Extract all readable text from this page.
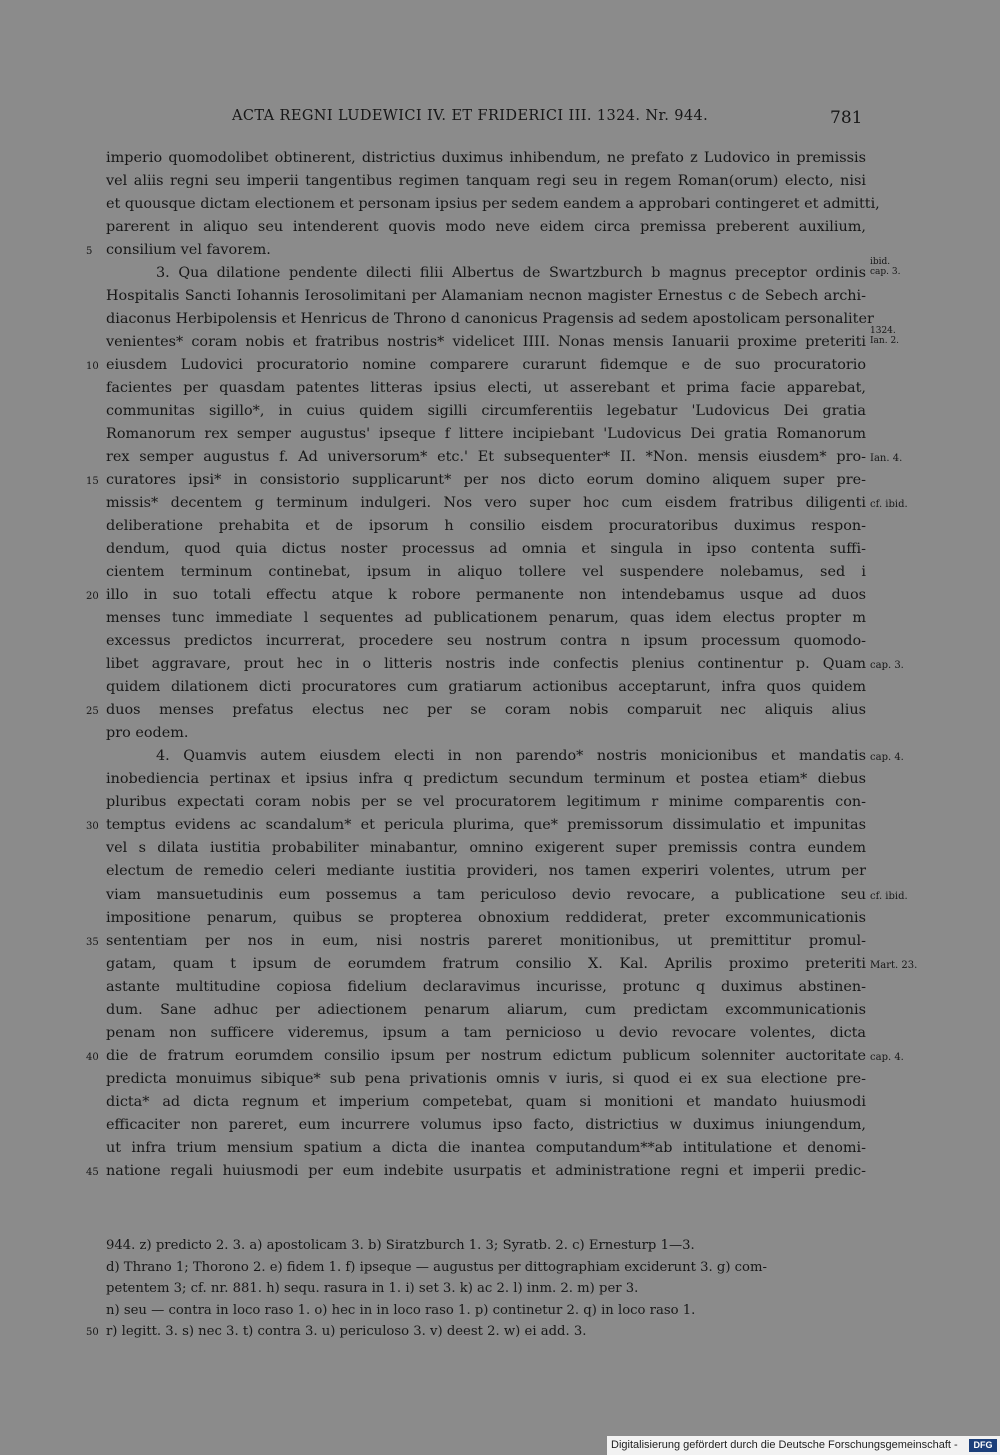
ACTA REGNI LUDEWICI IV. ET FRIDERICI III. 1324. Nr. 944.	781
imperio quomodolibet obtinerent, districtius duximus inhibendum, ne prefato z Ludovico in premissis
vel aliis regni seu imperii tangentibus regimen tanquam regi seu in regem Roman(orum) electo, nisi
et quousque dictam electionem et personam ipsius per sedem eandem a approbari contingeret et admitti,
parerent in aliquo seu intenderent quovis modo neve eidem circa premissa preberent auxilium,
5 consilium vel favorem.
3. Qua dilatione pendente dilecti filii Albertus de Swartzburch b magnus preceptor ordinis
ibid.
cap. 3.
Hospitalis Sancti Iohannis Ierosolimitani per Alamaniam necnon magister Ernestus c de Sebech archi-
diaconus Herbipolensis et Henricus de Throno d canonicus Pragensis ad sedem apostolicam personaliter
venientes* coram nobis et fratribus nostris* videlicet IIII. Nonas mensis Ianuarii proxime preteriti
1324.
Ian. 2.
10 eiusdem Ludovici procuratorio nomine comparere curarunt fidemque e de suo procuratorio
facientes per quasdam patentes litteras ipsius electi, ut asserebant et prima facie apparebat,
communitas sigillo*, in cuius quidem sigilli circumferentiis legebatur 'Ludovicus Dei gratia
Romanorum rex semper augustus' ipseque f littere incipiebant 'Ludovicus Dei gratia Romanorum
rex semper augustus f. Ad universorum* etc.' Et subsequenter* II. *Non. mensis eiusdem* pro- Ian. 4.
15 curatores ipsi* in consistorio supplicarunt* per nos dicto eorum domino aliquem super pre-
missis* decentem g terminum indulgeri. Nos vero super hoc cum eisdem fratribus diligenti cf. ibid.
deliberatione prehabita et de ipsorum h consilio eisdem procuratoribus duximus respon-
dendum, quod quia dictus noster processus ad omnia et singula in ipso contenta suffi-
cientem terminum continebat, ipsum in aliquo tollere vel suspendere nolebamus, sed i
20 illo in suo totali effectu atque k robore permanente non intendebamus usque ad duos
menses tunc immediate l sequentes ad publicationem penarum, quas idem electus propter m
excessus predictos incurrerat, procedere seu nostrum contra n ipsum processum quomodo-
libet aggravare, prout hec in o litteris nostris inde confectis plenius continentur p. Quam cap. 3.
quidem dilationem dicti procuratores cum gratiarum actionibus acceptarunt, infra quos quidem
25 duos menses prefatus electus nec per se coram nobis comparuit nec aliquis alius
pro eodem.
4. Quamvis autem eiusdem electi in non parendo* nostris monicionibus et mandatis cap. 4.
inobediencia pertinax et ipsius infra q predictum secundum terminum et postea etiam* diebus
pluribus expectati coram nobis per se vel procuratorem legitimum r minime comparentis con-
30 temptus evidens ac scandalum* et pericula plurima, que* premissorum dissimulatio et impunitas
vel s dilata iustitia probabiliter minabantur, omnino exigerent super premissis contra eundem
electum de remedio celeri mediante iustitia provideri, nos tamen experiri volentes, utrum per
viam mansuetudinis eum possemus a tam periculoso devio revocare, a publicatione seu cf. ibid.
impositione penarum, quibus se propterea obnoxium reddiderat, preter excommunicationis
35 sententiam per nos in eum, nisi nostris pareret monitionibus, ut premittitur promul-
gatam, quam t ipsum de eorumdem fratrum consilio X. Kal. Aprilis proximo preteriti Mart. 23.
astante multitudine copiosa fidelium declaravimus incurisse, protunc q duximus abstinen-
dum. Sane adhuc per adiectionem penarum aliarum, cum predictam excommunicationis
penam non sufficere videremus, ipsum a tam pernicioso u devio revocare volentes, dicta
40 die de fratrum eorumdem consilio ipsum per nostrum edictum publicum solenniter auctoritate cap. 4.
predicta monuimus sibique* sub pena privationis omnis v iuris, si quod ei ex sua electione pre-
dicta* ad dicta regnum et imperium competebat, quam si monitioni et mandato huiusmodi
efficaciter non pareret, eum incurrere volumus ipso facto, districtius w duximus iniungendum,
ut infra trium mensium spatium a dicta die inantea computandum**ab intitulatione et denomi-
45 natione regali huiusmodi per eum indebite usurpatis et administratione regni et imperii predic-
944. z) predicto 2. 3. a) apostolicam 3. b) Siratzburch 1. 3; Syratb. 2. c) Ernesturp 1—3.
d) Thrano 1; Thorono 2. e) fidem 1. f) ipseque — augustus per dittographiam exciderunt 3. g) com-
petentem 3; cf. nr. 881. h) sequ. rasura in 1. i) set 3. k) ac 2. l) inm. 2. m) per 3.
n) seu — contra in loco raso 1. o) hec in in loco raso 1. p) continetur 2. q) in loco raso 1.
50 r) legitt. 3. s) nec 3. t) contra 3. u) periculoso 3. v) deest 2. w) ei add. 3.
Digitalisierung gefördert durch die Deutsche Forschungsgemeinschaft -	DFG
